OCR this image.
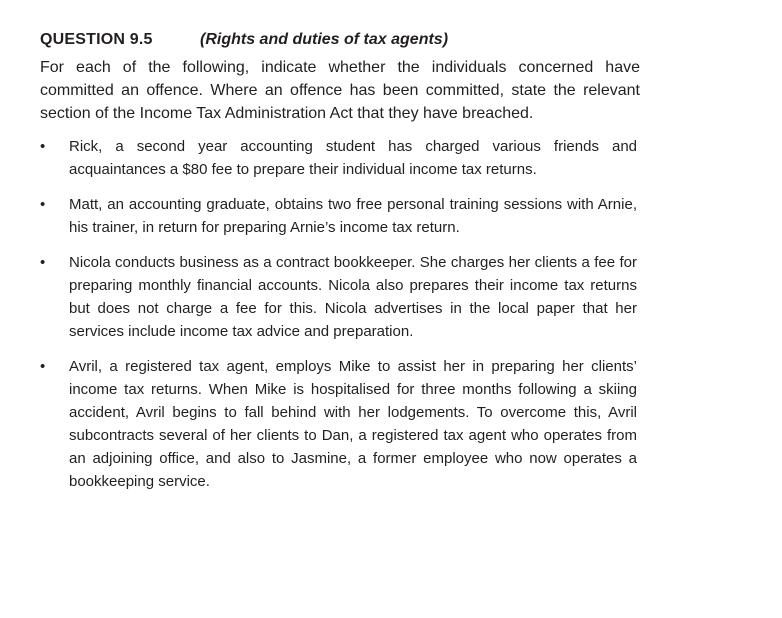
QUESTION 9.5	(Rights and duties of tax agents)

For each of the following, indicate whether the individuals concerned have committed an offence. Where an offence has been committed, state the relevant section of the Income Tax Administration Act that they have breached.

• Rick, a second year accounting student has charged various friends and acquaintances a $80 fee to prepare their individual income tax returns.
• Matt, an accounting graduate, obtains two free personal training sessions with Arnie, his trainer, in return for preparing Arnie’s income tax return.
• Nicola conducts business as a contract bookkeeper. She charges her clients a fee for preparing monthly financial accounts. Nicola also prepares their income tax returns but does not charge a fee for this. Nicola advertises in the local paper that her services include income tax advice and preparation.
• Avril, a registered tax agent, employs Mike to assist her in preparing her clients’ income tax returns. When Mike is hospitalised for three months following a skiing accident, Avril begins to fall behind with her lodgements. To overcome this, Avril subcontracts several of her clients to Dan, a registered tax agent who operates from an adjoining office, and also to Jasmine, a former employee who now operates a bookkeeping service.
